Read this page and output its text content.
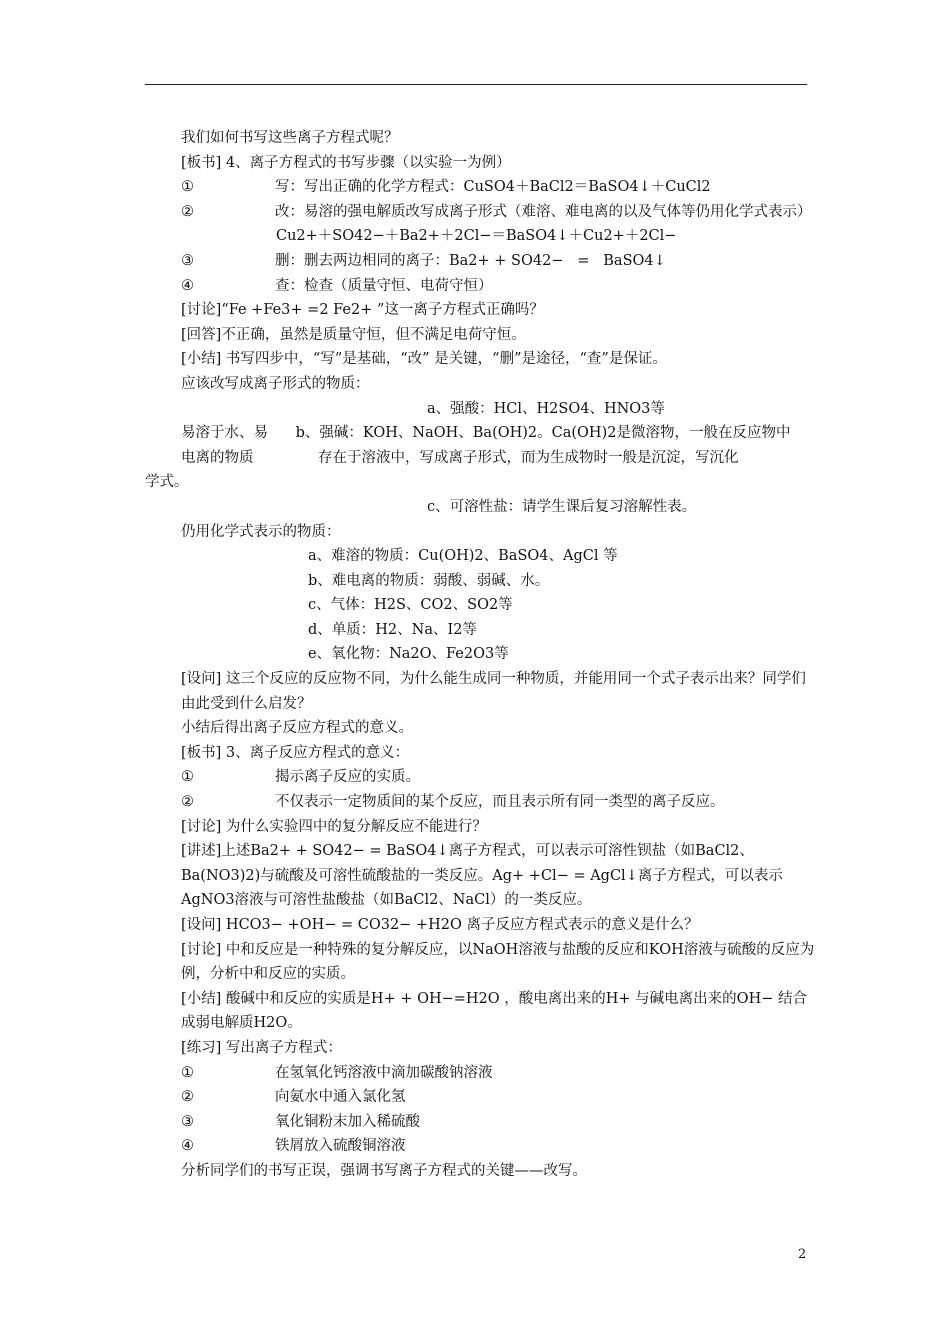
我们如何书写这些离子方程式呢？
[板书] 4、离子方程式的书写步骤（以实验一为例）
①	写：写出正确的化学方程式：CuSO4＋BaCl2＝BaSO4↓＋CuCl2
②	改：易溶的强电解质改写成离子形式（难溶、难电离的以及气体等仍用化学式表示）
Cu2+＋SO42−＋Ba2+＋2Cl−＝BaSO4↓＋Cu2+＋2Cl−
③	删：删去两边相同的离子：Ba2+ + SO42−   =   BaSO4↓
④	查：检查（质量守恒、电荷守恒）
[讨论]“Fe +Fe3+ =2 Fe2+ ”这一离子方程式正确吗？
[回答]不正确，虽然是质量守恒，但不满足电荷守恒。
[小结] 书写四步中，“写”是基础，“改” 是关键，“删”是途径，“查”是保证。
应该改写成离子形式的物质：
a、强酸：HCl、H2SO4、HNO3等
易溶于水、易      b、强碱：KOH、NaOH、Ba(OH)2。Ca(OH)2是微溶物，一般在反应物中
电离的物质              存在于溶液中，写成离子形式，而为生成物时一般是沉淀，写沉化
学式。
c、可溶性盐：请学生课后复习溶解性表。
仍用化学式表示的物质：
a、难溶的物质：Cu(OH)2、BaSO4、AgCl 等
b、难电离的物质：弱酸、弱碱、水。
c、气体：H2S、CO2、SO2等
d、单质：H2、Na、I2等
e、氧化物：Na2O、Fe2O3等
[设问] 这三个反应的反应物不同，为什么能生成同一种物质，并能用同一个式子表示出来？同学们由此受到什么启发？
小结后得出离子反应方程式的意义。
[板书] 3、离子反应方程式的意义：
①	揭示离子反应的实质。
②	不仅表示一定物质间的某个反应，而且表示所有同一类型的离子反应。
[讨论] 为什么实验四中的复分解反应不能进行？
[讲述]上述Ba2+ + SO42− = BaSO4↓离子方程式，可以表示可溶性钡盐（如BaCl2、Ba(NO3)2)与硫酸及可溶性硫酸盐的一类反应。Ag+ +Cl− = AgCl↓离子方程式，可以表示AgNO3溶液与可溶性盐酸盐（如BaCl2、NaCl）的一类反应。
[设问] HCO3− +OH− = CO32− +H2O 离子反应方程式表示的意义是什么？
[讨论] 中和反应是一种特殊的复分解反应，以NaOH溶液与盐酸的反应和KOH溶液与硫酸的反应为例，分析中和反应的实质。
[小结] 酸碱中和反应的实质是H+ + OH−=H2O ，酸电离出来的H+ 与碱电离出来的OH− 结合成弱电解质H2O。
[练习] 写出离子方程式：
①	在氢氧化钙溶液中滴加碳酸钠溶液
②	向氨水中通入氯化氢
③	氧化铜粉末加入稀硫酸
④	铁屑放入硫酸铜溶液
分析同学们的书写正误，强调书写离子方程式的关键——改写。
2
